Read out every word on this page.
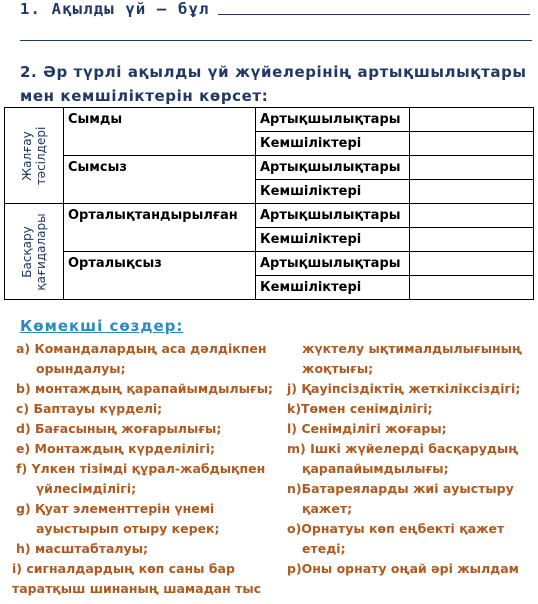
1. Ақылды үй – бұл
2. Әр түрлі ақылды үй жүйелерінің артықшылықтары
мен кемшіліктерін көрсет:
Жалғау
тәсілдері	Сымды	Артықшылықтары	
		Кемшіліктері	
	Сымсыз	Артықшылықтары	
		Кемшіліктері	

Басқару
қағидалары	Орталықтандырылған	Артықшылықтары	
		Кемшіліктері	
	Орталықсыз	Артықшылықтары	
		Кемшіліктері	
Көмекші сөздер:
a) Командалардың аса дәлдікпен
орындалуы;
b) монтаждың қарапайымдылығы;
c) Баптауы күрделі;
d) Бағасының жоғарылығы;
e) Монтаждың күрделілігі;
f) Үлкен тізімді құрал-жабдықпен
үйлесімділігі;
g) Қуат элементтерін үнемі
ауыстырып отыру керек;
h) масштабталуы;
i) сигналдардың көп саны бар
таратқыш шинаның шамадан тыс
жүктелу ықтималдылығының
жоқтығы;
j) Қауіпсіздіктің жеткіліксіздігі;
k)Төмен сенімділігі;
l) Сенімділігі жоғары;
m) Ішкі жүйелерді басқарудың
қарапайымдылығы;
n)Батареяларды жиі ауыстыру
қажет;
o)Орнатуы көп еңбекті қажет
етеді;
p)Оны орнату оңай әрі жылдам
